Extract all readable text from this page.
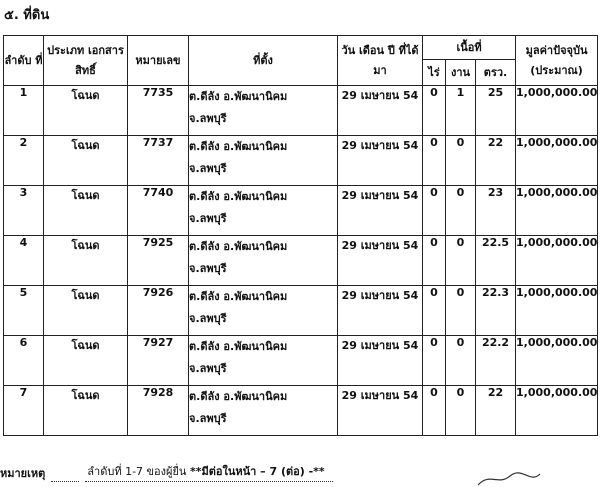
๕. ที่ดิน
ลำดับ ที่	ประเภท เอกสารสิทธิ์	หมายเลข	ที่ตั้ง	วัน เดือน ปี ที่ได้มา	เนื้อที่			มูลค่าปัจจุบัน
(ประมาณ)

					ไร่	งาน	ตรว.	
1	โฉนด	7735	ต.ดีลัง อ.พัฒนานิคม
จ.ลพบุรี	29 เมษายน 54	0	1	25	1,000,000.00
2	โฉนด	7737	ต.ดีลัง อ.พัฒนานิคม
จ.ลพบุรี	29 เมษายน 54	0	0	22	1,000,000.00
3	โฉนด	7740	ต.ดีลัง อ.พัฒนานิคม
จ.ลพบุรี	29 เมษายน 54	0	0	23	1,000,000.00
4	โฉนด	7925	ต.ดีลัง อ.พัฒนานิคม
จ.ลพบุรี	29 เมษายน 54	0	0	22.5	1,000,000.00
5	โฉนด	7926	ต.ดีลัง อ.พัฒนานิคม
จ.ลพบุรี	29 เมษายน 54	0	0	22.3	1,000,000.00
6	โฉนด	7927	ต.ดีลัง อ.พัฒนานิคม
จ.ลพบุรี	29 เมษายน 54	0	0	22.2	1,000,000.00
7	โฉนด	7928	ต.ดีลัง อ.พัฒนานิคม
จ.ลพบุรี	29 เมษายน 54	0	0	22	1,000,000.00
หมายเหตุ	ลำดับที่ 1-7 ของผู้ยื่น **มีต่อในหน้า – 7 (ต่อ) -**
